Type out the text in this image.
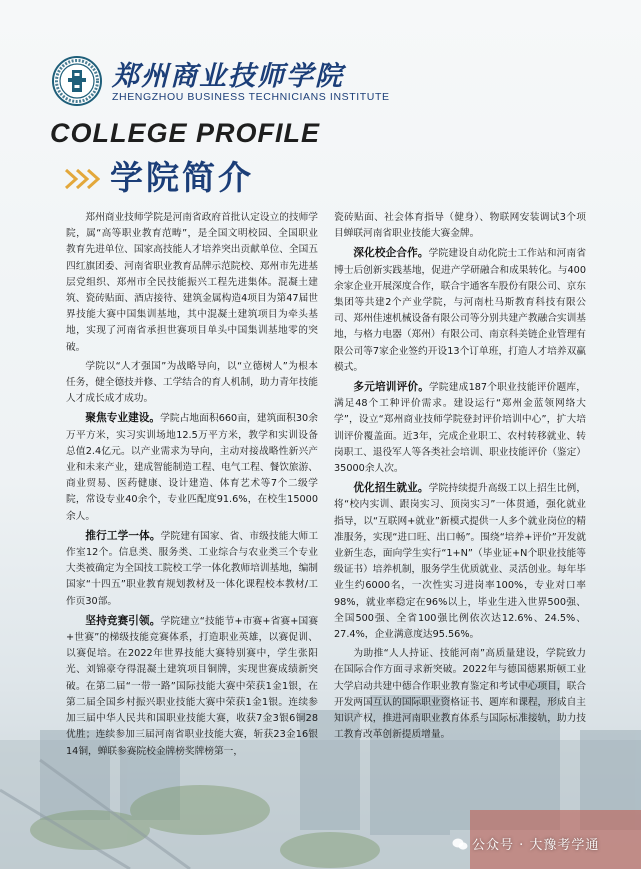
郑州商业技师学院
ZHENGZHOU BUSINESS TECHNICIANS INSTITUTE
COLLEGE PROFILE
学院简介

郑州商业技师学院是河南省政府首批认定设立的技师学院，属“高等职业教育范畴”，是全国文明校园、全国职业教育先进单位、国家高技能人才培养突出贡献单位、全国五四红旗团委、河南省职业教育品牌示范院校、郑州市先进基层党组织、郑州市全民技能振兴工程先进集体。混凝土建筑、瓷砖贴面、酒店接待、建筑金属构造4项目为第47届世界技能大赛中国集训基地，其中混凝土建筑项目为牵头基地，实现了河南省承担世赛项目单头中国集训基地零的突破。

学院以“人才强国”为战略导向，以“立德树人”为根本任务，健全德技并修、工学结合的育人机制，助力青年技能人才成长成才成功。

聚焦专业建设。学院占地面积660亩，建筑面积30余万平方米，实习实训场地12.5万平方米，教学和实训设备总值2.4亿元。以产业需求为导向，主动对接战略性新兴产业和未来产业，建成智能制造工程、电气工程、餐饮旅游、商业贸易、医药健康、设计建造、体育艺术等7个二级学院，常设专业40余个，专业匹配度91.6%，在校生15000余人。

推行工学一体。学院建有国家、省、市级技能大师工作室12个。信息类、服务类、工业综合与农业类三个专业大类被确定为全国技工院校工学一体化教师培训基地，编制国家“十四五”职业教育规划教材及一体化课程校本教材/工作页30部。

坚持竞赛引领。学院建立“技能节+市赛+省赛+国赛+世赛”的梯级技能竞赛体系，打造职业英雄，以赛促训、以赛促培。在2022年世界技能大赛特别赛中，学生张阳光、刘锦豪夺得混凝土建筑项目铜牌，实现世赛成绩新突破。在第二届“一带一路”国际技能大赛中荣获1金1银，在第二届全国乡村振兴职业技能大赛中荣获1金1银。连续参加三届中华人民共和国职业技能大赛，收获7金3银6铜28优胜；连续参加三届河南省职业技能大赛，斩获23金16银14铜，蝉联参赛院校金牌榜奖牌榜第一，

瓷砖贴面、社会体育指导（健身）、物联网安装调试3个项目蝉联河南省职业技能大赛金牌。

深化校企合作。学院建设自动化院士工作站和河南省博士后创新实践基地，促进产学研融合和成果转化。与400余家企业开展深度合作，联合宇通客车股份有限公司、京东集团等共建2个产业学院，与河南杜马斯教育科技有限公司、郑州佳速机械设备有限公司等分别共建产教融合实训基地，与格力电器（郑州）有限公司、南京科美链企业管理有限公司等7家企业签约开设13个订单班，打造人才培养双赢模式。

多元培训评价。学院建成187个职业技能评价题库，满足48个工种评价需求。建设运行“郑州金蓝领网络大学”，设立“郑州商业技师学院登封评价培训中心”，扩大培训评价覆盖面。近3年，完成企业职工、农村转移就业、转岗职工、退役军人等各类社会培训、职业技能评价（鉴定）35000余人次。

优化招生就业。学院持续提升高级工以上招生比例，将“校内实训、跟岗实习、顶岗实习”一体贯通，强化就业指导，以“互联网+就业”新模式提供一人多个就业岗位的精准服务，实现“进口旺、出口畅”。围绕“培养+评价”开发就业新生态，面向学生实行“1+N”（毕业证+N个职业技能等级证书）培养机制，服务学生优质就业、灵活创业。每年毕业生约6000名，一次性实习进岗率100%，专业对口率98%，就业率稳定在96%以上，毕业生进入世界500强、全国500强、全省100强比例依次达12.6%、24.5%、27.4%，企业满意度达95.56%。

为助推“人人持证、技能河南”高质量建设，学院致力在国际合作方面寻求新突破。2022年与德国德累斯顿工业大学启动共建中德合作职业教育鉴定和考试中心项目，联合开发两国互认的国际职业资格证书、题库和课程，形成自主知识产权，推进河南职业教育体系与国际标准接轨，助力技工教育改革创新提质增量。

公众号 · 大豫考学通
